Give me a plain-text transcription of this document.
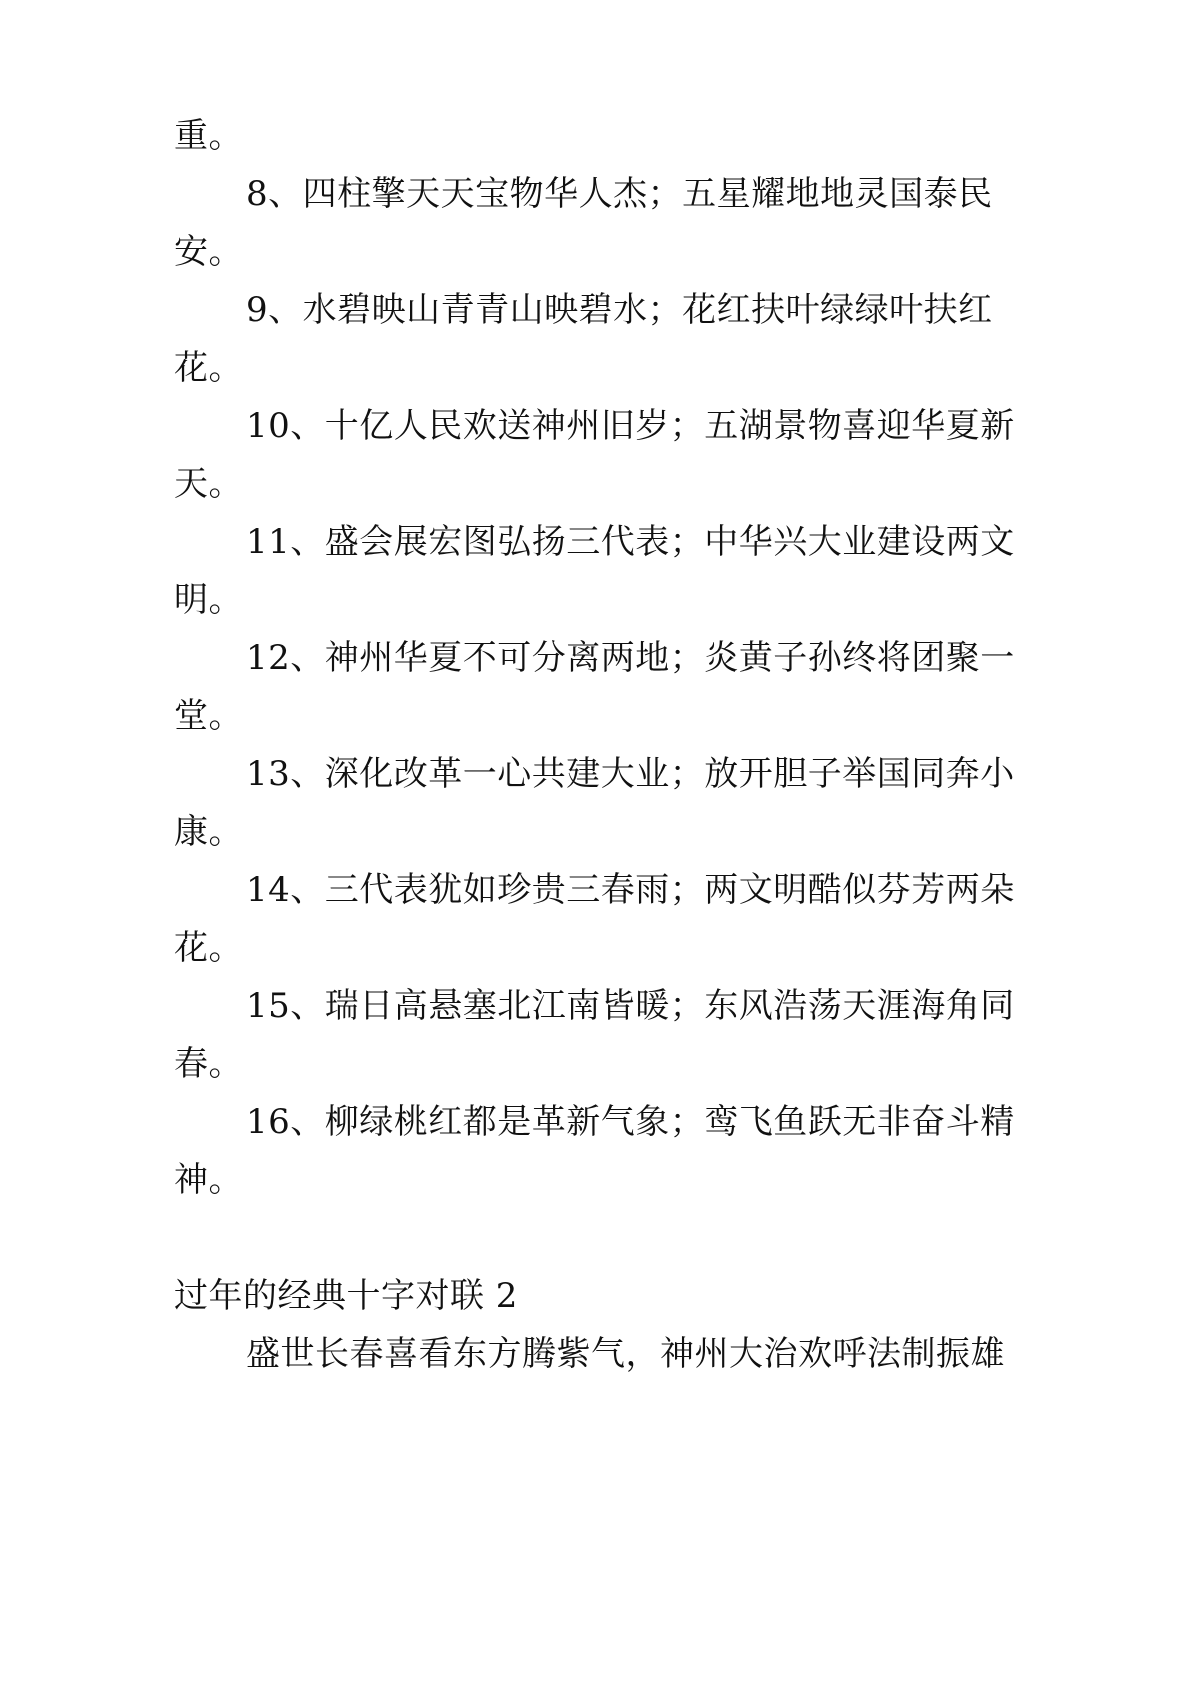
重。
8、四柱擎天天宝物华人杰；五星耀地地灵国泰民
安。
9、水碧映山青青山映碧水；花红扶叶绿绿叶扶红
花。
10、十亿人民欢送神州旧岁；五湖景物喜迎华夏新
天。
11、盛会展宏图弘扬三代表；中华兴大业建设两文
明。
12、神州华夏不可分离两地；炎黄子孙终将团聚一
堂。
13、深化改革一心共建大业；放开胆子举国同奔小
康。
14、三代表犹如珍贵三春雨；两文明酷似芬芳两朵
花。
15、瑞日高悬塞北江南皆暖；东风浩荡天涯海角同
春。
16、柳绿桃红都是革新气象；鸾飞鱼跃无非奋斗精
神。
过年的经典十字对联 2
盛世长春喜看东方腾紫气，神州大治欢呼法制振雄
